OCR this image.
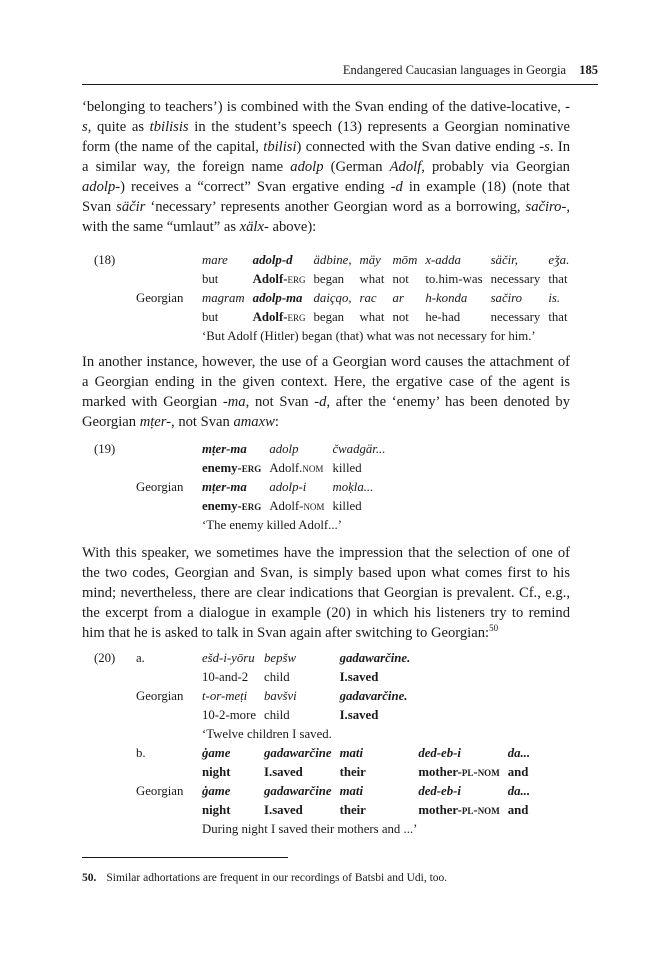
Endangered Caucasian languages in Georgia 185

‘belonging to teachers’) is combined with the Svan ending of the dative-locative, -s, quite as tbilisis in the student’s speech (13) represents a Georgian nominative form (the name of the capital, tbilisi) connected with the Svan dative ending -s. In a similar way, the foreign name adolp (German Adolf, probably via Georgian adolp-) receives a “correct” Svan ergative ending -d in example (18) (note that Svan säčir ‘necessary’ represents another Georgian word as a borrowing, sačiro-, with the same “umlaut” as xälx- above):

(18)		mare	adolp-d	ädbine,	mäy	mōm	x-adda	säčir,	eǯa.
		but	Adolf-erg	began	what	not	to.him-was	necessary	that
	Georgian	magram	adolp-ma	daiçqo,	rac	ar	h-konda	sačiro	is.
		but	Adolf-erg	began	what	not	he-had	necessary	that
		‘But Adolf (Hitler) began (that) what was not necessary for him.’							

In another instance, however, the use of a Georgian word causes the attachment of a Georgian ending in the given context. Here, the ergative case of the agent is marked with Georgian -ma, not Svan -d, after the ‘enemy’ has been denoted by Georgian mṭer-, not Svan amaxw:

(19)		mṭer-ma	adolp	čwadgär...
		enemy-erg	Adolf.nom	killed
	Georgian	mṭer-ma	adolp-i	moḳla...
		enemy-erg	Adolf-nom	killed
		‘The enemy killed Adolf...’		

With this speaker, we sometimes have the impression that the selection of one of the two codes, Georgian and Svan, is simply based upon what comes first to his mind; nevertheless, there are clear indications that Georgian is prevalent. Cf., e.g., the excerpt from a dialogue in example (20) in which his listeners try to remind him that he is asked to talk in Svan again after switching to Georgian:$^{50}$

(20)	a.	ešd-i-yōru	bepšw	gadawarčine.		
		10-and-2	child	I.saved		
	Georgian	t-or-meṭi	bavšvi	gadavarčine.		
		10-2-more	child	I.saved		
		‘Twelve children I saved.				
	b.	ġame	gadawarčine	mati	ded-eb-i	da...
		night	I.saved	their	mother-pl-nom	and
	Georgian	ġame	gadawarčine	mati	ded-eb-i	da...
		night	I.saved	their	mother-pl-nom	and
		During night I saved their mothers and ...’				
50. Similar adhortations are frequent in our recordings of Batsbi and Udi, too.
